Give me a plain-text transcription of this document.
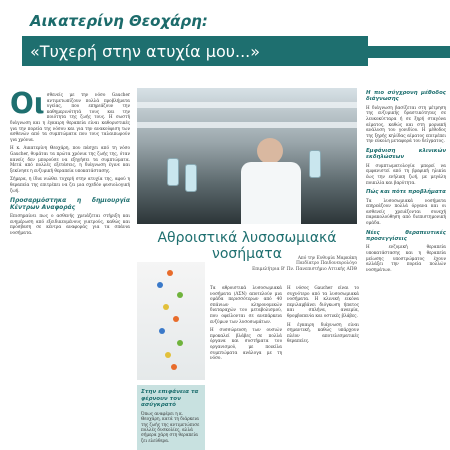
Αικατερίνη Θεοχάρη:
«Τυχερή στην ατυχία μου...»
Οι σθενείς με την νόσο Gaucher αντιμετωπίζουν πολλά προβλήματα υγείας, που επηρεάζουν την καθημερινότητά τους και την ποιότητα της ζωής τους. Η σωστή διάγνωση και η έγκαιρη θεραπεία είναι καθοριστικές για την πορεία της νόσου και για την ανακούφιση των ασθενών από τα συμπτώματα που τους ταλαιπωρούν για χρόνια.

Η κ. Αικατερίνη Θεοχάρη, που πάσχει από τη νόσο Gaucher, θυμάται τα πρώτα χρόνια της ζωής της, όταν κανείς δεν μπορούσε να εξηγήσει τα συμπτώματα. Μετά από πολλές εξετάσεις, η διάγνωση έγινε και ξεκίνησε η ενζυμική θεραπεία υποκατάστασης.

Σήμερα, η ίδια νιώθει τυχερή στην ατυχία της, αφού η θεραπεία της επιτρέπει να ζει μια σχεδόν φυσιολογική ζωή.

Προσαρμόστηκα η δημιουργία Κέντρων Αναφοράς

Επισημαίνει πως ο ασθενής χρειάζεται στήριξη και ενημέρωση από εξειδικευμένους γιατρούς, καθώς και πρόσβαση σε κέντρα αναφοράς για τα σπάνια νοσήματα.	Αθροιστικά λυσοσωμιακά νοσήματα	Από την Ευθυμία Μαρκάκη
Παιδίατρο Παιδονευρολόγο
Επιμελήτρια Β' Πν. Πανεπιστήμιο Αττικής ΑΠΘ
Στην επιφάνεια τα φέρνουν τον ασύγκρατό
Όπως αναφέρει η κ. Θεοχάρη, κατά τη διάρκεια της ζωής της αντιμετώπισε πολλές δυσκολίες, αλλά σήμερα χάρη στη θεραπεία ζει ελεύθερα.

Τα αθροιστικά λυσοσωμιακά νοσήματα (ΛΣΝ) αποτελούν μια ομάδα περισσότερων από 40 σπάνιων κληρονομικών διαταραχών του μεταβολισμού, που οφείλονται σε ανεπάρκεια ενζύμων των λυσοσωμάτων.

Η συσσώρευση των ουσιών προκαλεί βλάβες σε πολλά όργανα και συστήματα του οργανισμού, με ποικίλα συμπτώματα ανάλογα με τη νόσο.

Η νόσος Gaucher είναι το συχνότερο από τα λυσοσωμιακά νοσήματα. Η κλινική εικόνα περιλαμβάνει διόγκωση ήπατος και σπλήνα, αναιμία, θρομβοπενία και οστικές βλάβες.

Η έγκαιρη διάγνωση είναι σημαντική, καθώς υπάρχουν πλέον αποτελεσματικές θεραπείες.

Η πιο σύγχρονη μέθοδος διάγνωσης

Η διάγνωση βασίζεται στη μέτρηση της ενζυμικής δραστικότητας σε λευκοκύτταρα ή σε ξηρή σταγόνα αίματος, καθώς και στη μοριακή ανάλυση του γονιδίου. Η μέθοδος της ξηρής κηλίδας αίματος επιτρέπει την εύκολη μεταφορά του δείγματος.

Εμφάνιση κλινικών εκδηλώσεων

Η συμπτωματολογία μπορεί να εμφανιστεί από τη βρεφική ηλικία έως την ενήλικη ζωή, με μεγάλη ποικιλία και βαρύτητα.

Πώς και πότε προβλήματα

Τα λυσοσωμιακά νοσήματα επηρεάζουν πολλά όργανα και οι ασθενείς χρειάζονται συνεχή παρακολούθηση από διεπιστημονική ομάδα.

Νέες θεραπευτικές προσεγγίσεις

Η ενζυμική θεραπεία υποκατάστασης και η θεραπεία μείωσης υποστρώματος έχουν αλλάξει την πορεία πολλών νοσημάτων.
